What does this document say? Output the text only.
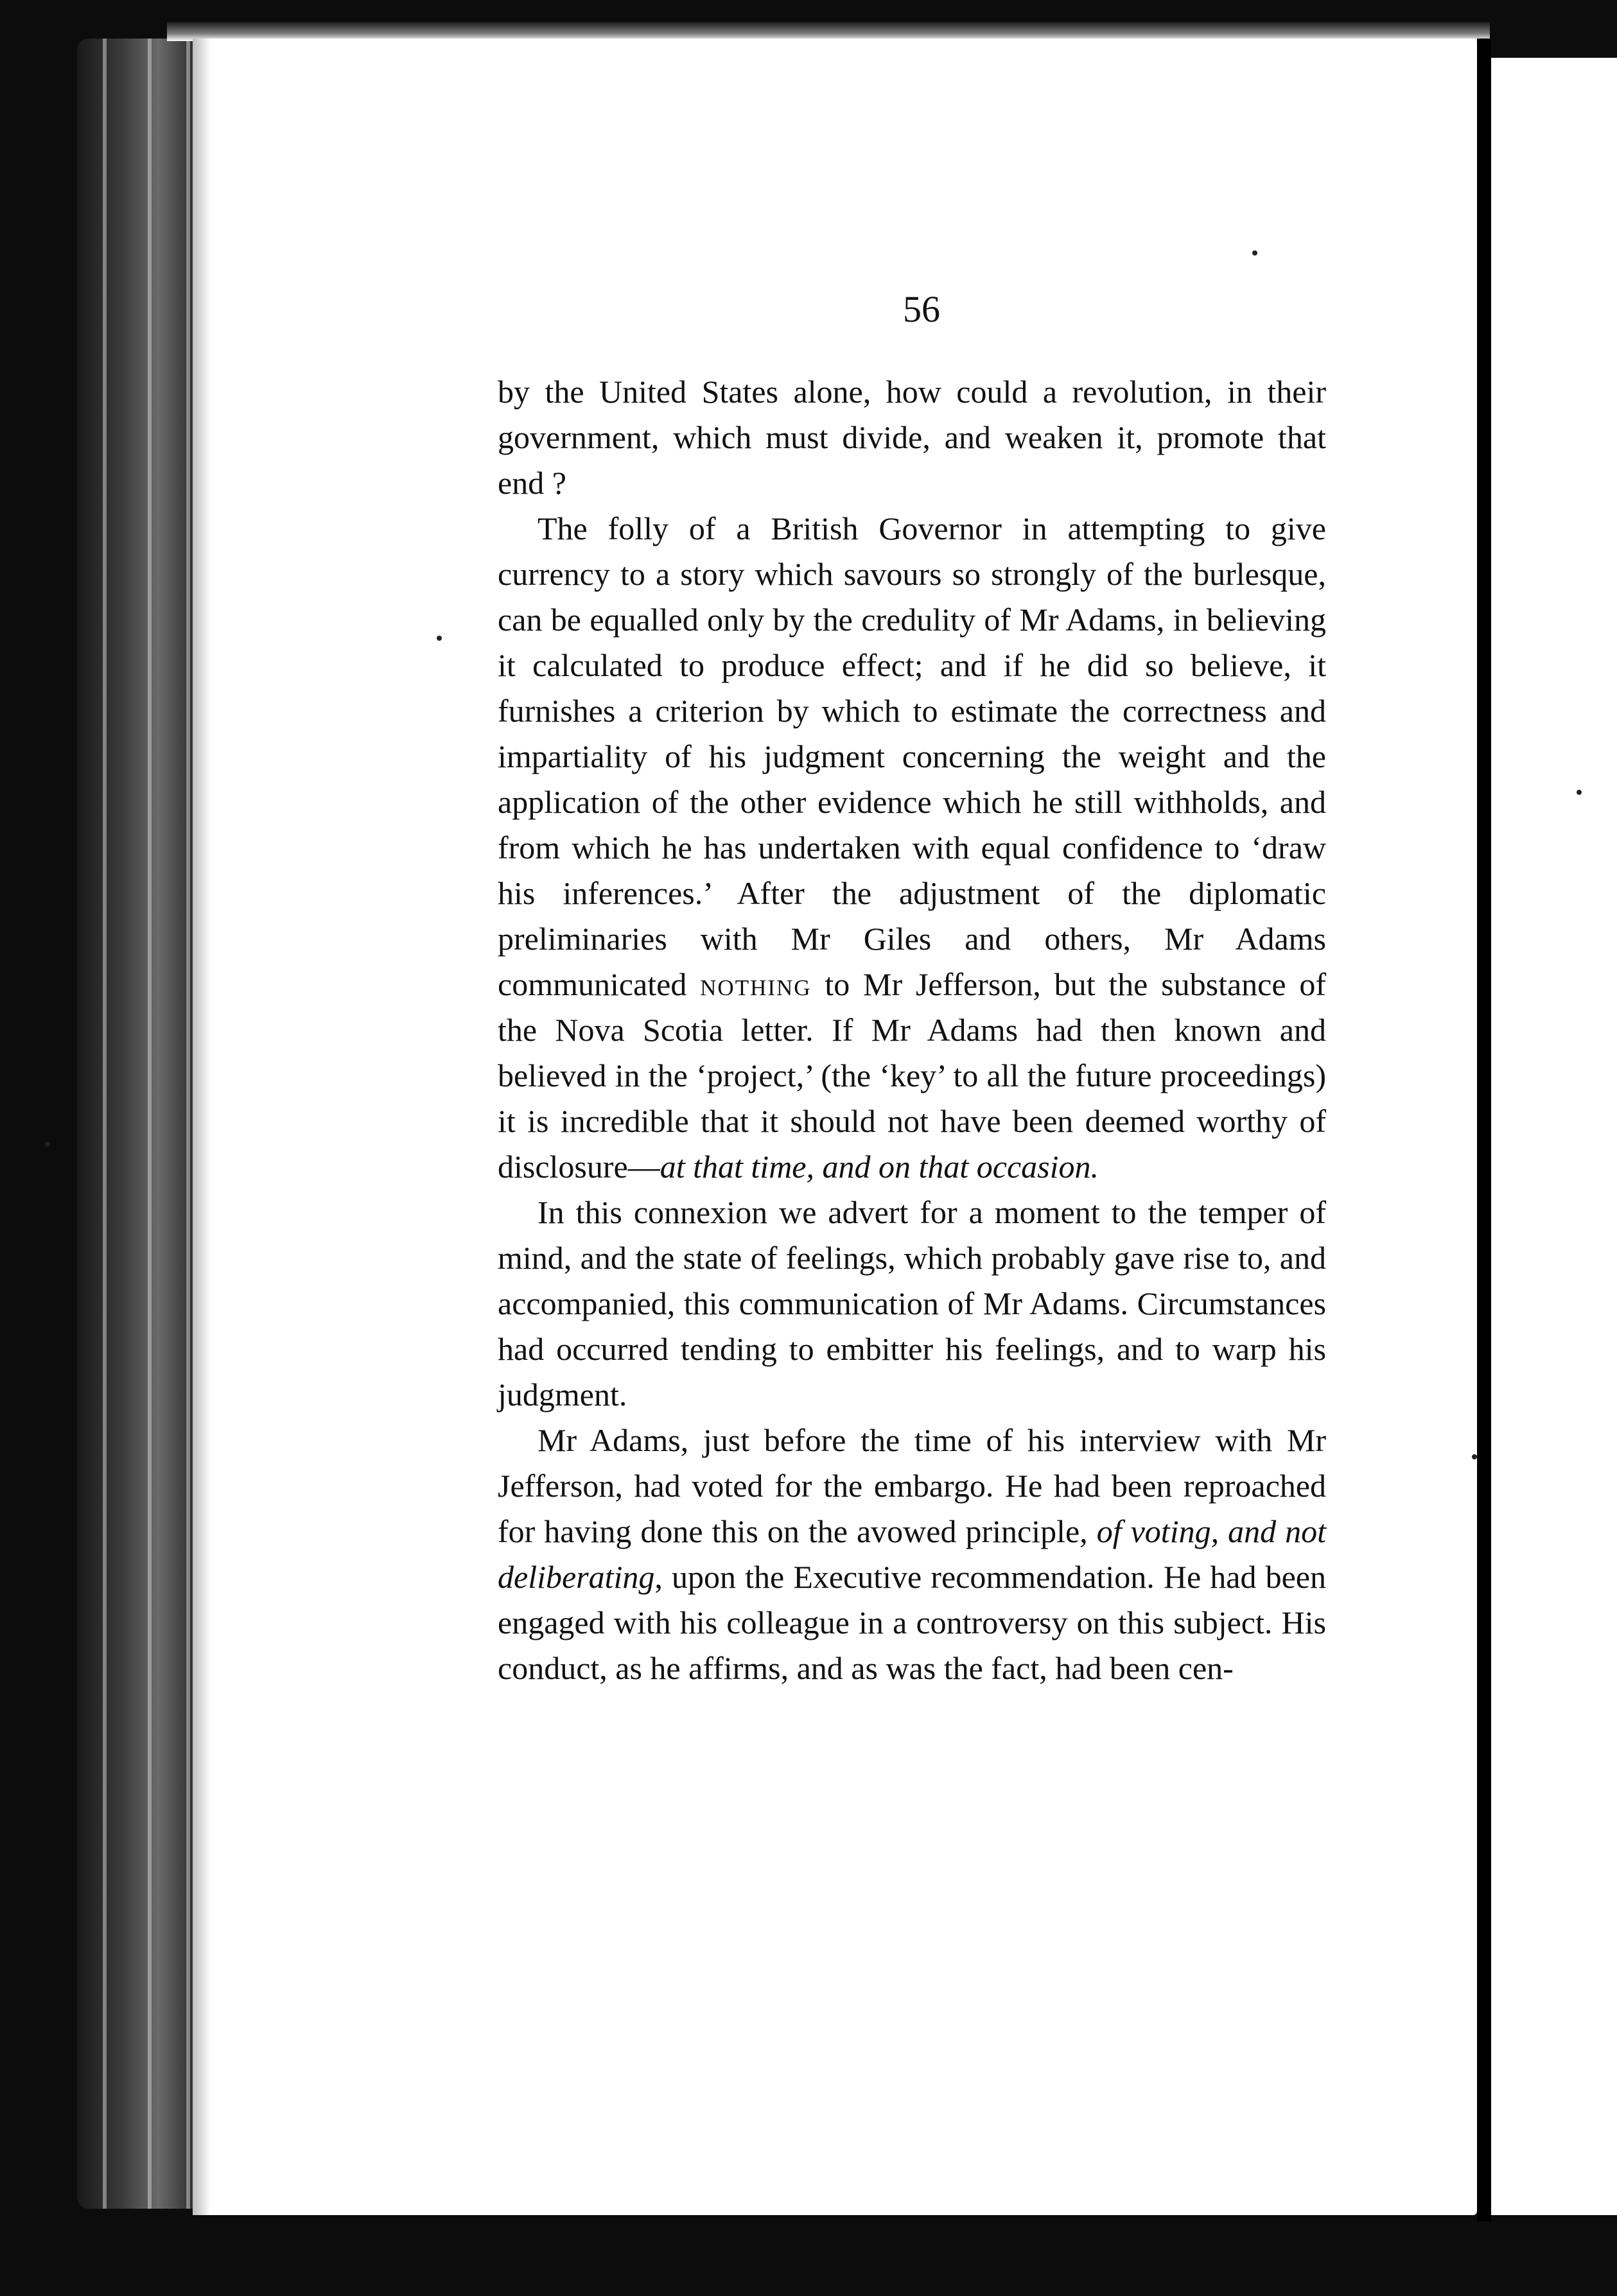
56

by the United States alone, how could a revolution, in their government, which must divide, and weaken it, promote that end ?

The folly of a British Governor in attempting to give currency to a story which savours so strongly of the burlesque, can be equalled only by the credulity of Mr Adams, in believing it calculated to produce effect; and if he did so believe, it furnishes a criterion by which to estimate the correctness and impartiality of his judgment concerning the weight and the application of the other evidence which he still withholds, and from which he has undertaken with equal confidence to ‘draw his inferences.’ After the adjustment of the diplomatic preliminaries with Mr Giles and others, Mr Adams communicated nothing to Mr Jefferson, but the substance of the Nova Scotia letter. If Mr Adams had then known and believed in the ‘project,’ (the ‘key’ to all the future proceedings) it is incredible that it should not have been deemed worthy of disclosure—at that time, and on that occasion.

In this connexion we advert for a moment to the temper of mind, and the state of feelings, which probably gave rise to, and accompanied, this communication of Mr Adams. Circumstances had occurred tending to embitter his feelings, and to warp his judgment.

Mr Adams, just before the time of his interview with Mr Jefferson, had voted for the embargo. He had been reproached for having done this on the avowed principle, of voting, and not deliberating, upon the Executive recommendation. He had been engaged with his colleague in a controversy on this subject. His conduct, as he affirms, and as was the fact, had been cen-
